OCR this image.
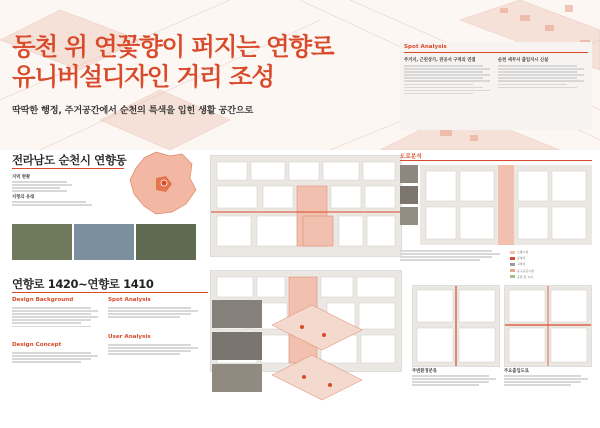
동천 위 연꽃향이 퍼지는 연향로
유니버설디자인 거리 조성
딱딱한 행정, 주거공간에서 순천의 특색을 입힌 생활 공간으로
Spot Analysis
주거지, 근린상가, 관공서 구역의 연결	순천 세무서 출입지시 신설
전라남도 순천시 연향동
지역 현황
지형의 유래
연향로 1420~연향로 1410
Design Background
Design Concept
Spot Analysis
User Analysis
도로분석
소형시설
공영지
고밀지
중구공공시설
공원 및 녹지
주변환경분류	주요출입도로
